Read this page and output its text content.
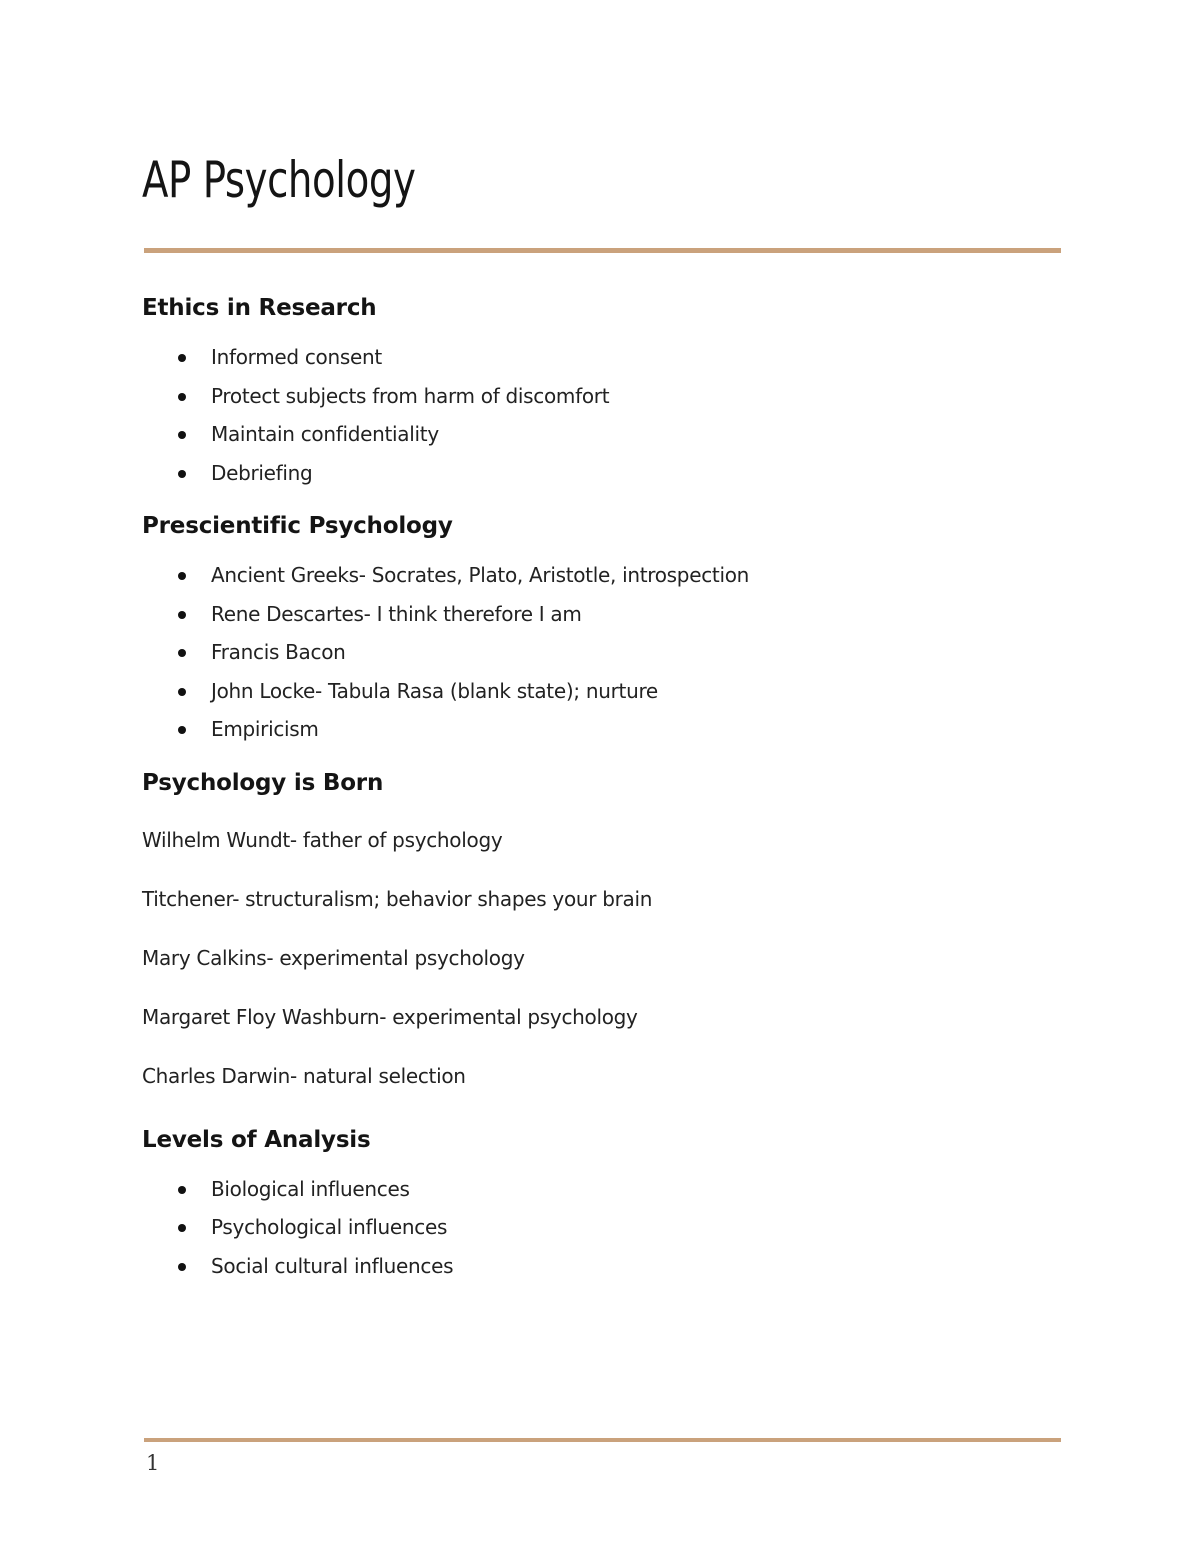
AP Psychology
Ethics in Research
Informed consent
Protect subjects from harm of discomfort
Maintain confidentiality
Debriefing
Prescientific Psychology
Ancient Greeks- Socrates, Plato, Aristotle, introspection
Rene Descartes- I think therefore I am
Francis Bacon
John Locke- Tabula Rasa (blank state); nurture
Empiricism
Psychology is Born

Wilhelm Wundt- father of psychology

Titchener- structuralism; behavior shapes your brain

Mary Calkins- experimental psychology

Margaret Floy Washburn- experimental psychology

Charles Darwin- natural selection

Levels of Analysis
Biological influences
Psychological influences
Social cultural influences
1
